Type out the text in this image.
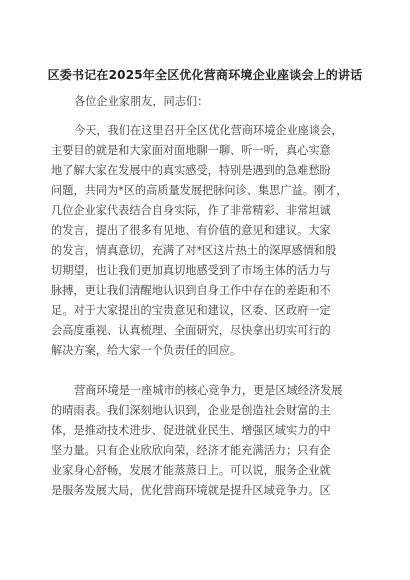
区委书记在2025年全区优化营商环境企业座谈会上的讲话
各位企业家朋友，同志们：
今天，我们在这里召开全区优化营商环境企业座谈会，
主要目的就是和大家面对面地聊一聊、听一听，真心实意
地了解大家在发展中的真实感受，特别是遇到的急难愁盼
问题，共同为*区的高质量发展把脉问诊、集思广益。刚才，
几位企业家代表结合自身实际，作了非常精彩、非常坦诚
的发言，提出了很多有见地、有价值的意见和建议。大家
的发言，情真意切，充满了对*区这片热土的深厚感情和殷
切期望，也让我们更加真切地感受到了市场主体的活力与
脉搏，更让我们清醒地认识到自身工作中存在的差距和不
足。对于大家提出的宝贵意见和建议，区委、区政府一定
会高度重视、认真梳理、全面研究，尽快拿出切实可行的
解决方案，给大家一个负责任的回应。
营商环境是一座城市的核心竞争力，更是区域经济发展
的晴雨表。我们深刻地认识到，企业是创造社会财富的主
体，是推动技术进步、促进就业民生、增强区域实力的中
坚力量。只有企业欣欣向荣，经济才能充满活力；只有企
业家身心舒畅，发展才能蒸蒸日上。可以说，服务企业就
是服务发展大局，优化营商环境就是提升区域竞争力。区
